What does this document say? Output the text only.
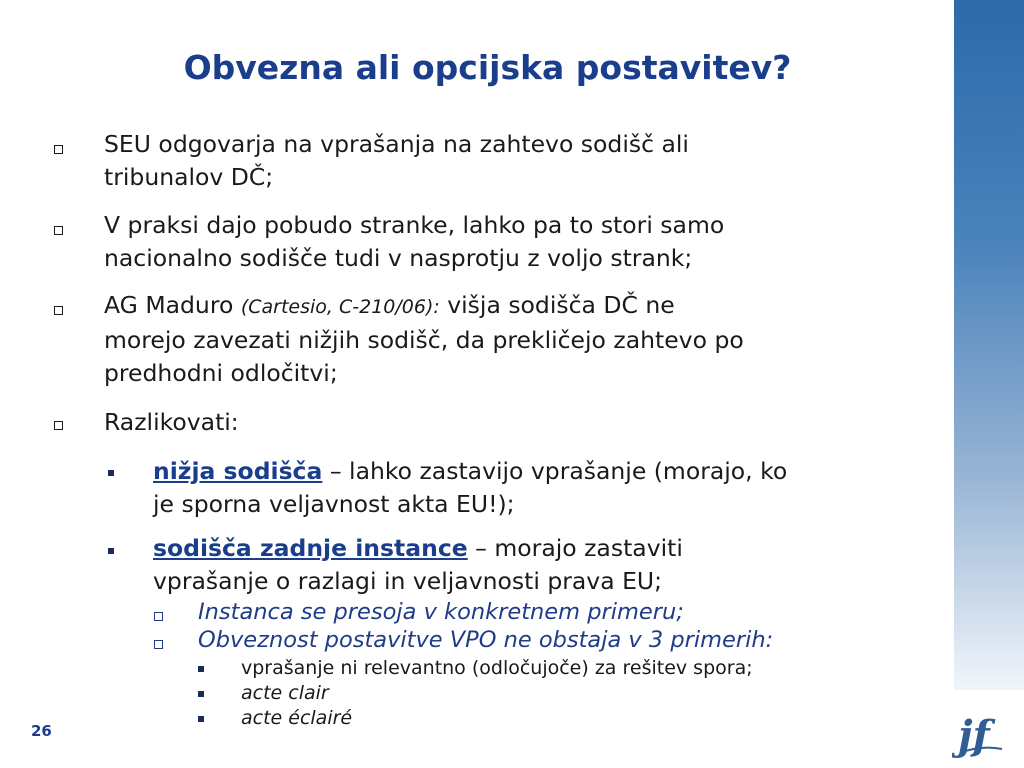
Obvezna ali opcijska postavitev?
SEU odgovarja na vprašanja na zahtevo sodišč ali
tribunalov DČ;
V praksi dajo pobudo stranke, lahko pa to stori samo
nacionalno sodišče tudi v nasprotju z voljo strank;
AG Maduro (Cartesio, C-210/06): višja sodišča DČ ne
morejo zavezati nižjih sodišč, da prekličejo zahtevo po
predhodni odločitvi;
Razlikovati:
nižja sodišča – lahko zastavijo vprašanje (morajo, ko
je sporna veljavnost akta EU!);
sodišča zadnje instance – morajo zastaviti
vprašanje o razlagi in veljavnosti prava EU;
Instanca se presoja v konkretnem primeru;
Obveznost postavitve VPO ne obstaja v 3 primerih:
vprašanje ni relevantno (odločujoče) za rešitev spora;
acte clair
acte éclairé
26	jf
